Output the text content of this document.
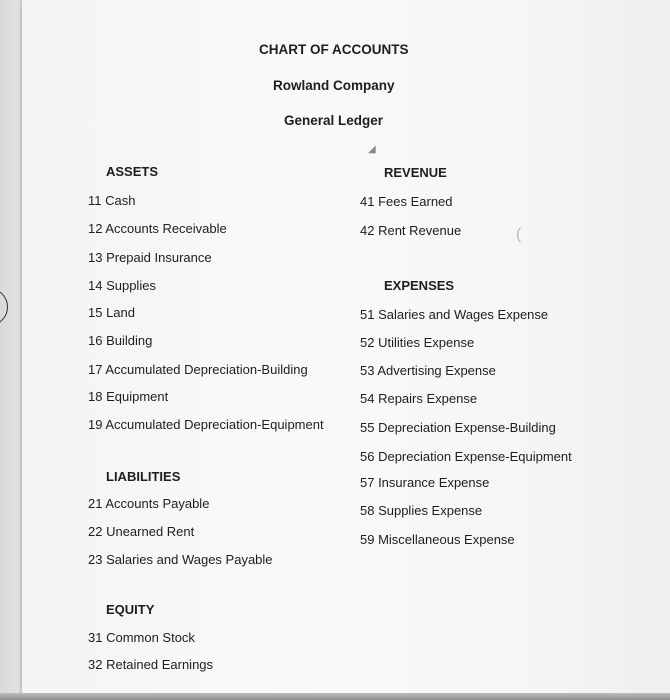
CHART OF ACCOUNTS
Rowland Company
General Ledger
ASSETS
11 Cash
12 Accounts Receivable
13 Prepaid Insurance
14 Supplies
15 Land
16 Building
17 Accumulated Depreciation-Building
18 Equipment
19 Accumulated Depreciation-Equipment
LIABILITIES
21 Accounts Payable
22 Unearned Rent
23 Salaries and Wages Payable
EQUITY
31 Common Stock
32 Retained Earnings
REVENUE
41 Fees Earned
42 Rent Revenue
EXPENSES
51 Salaries and Wages Expense
52 Utilities Expense
53 Advertising Expense
54 Repairs Expense
55 Depreciation Expense-Building
56 Depreciation Expense-Equipment
57 Insurance Expense
58 Supplies Expense
59 Miscellaneous Expense
◢
(
